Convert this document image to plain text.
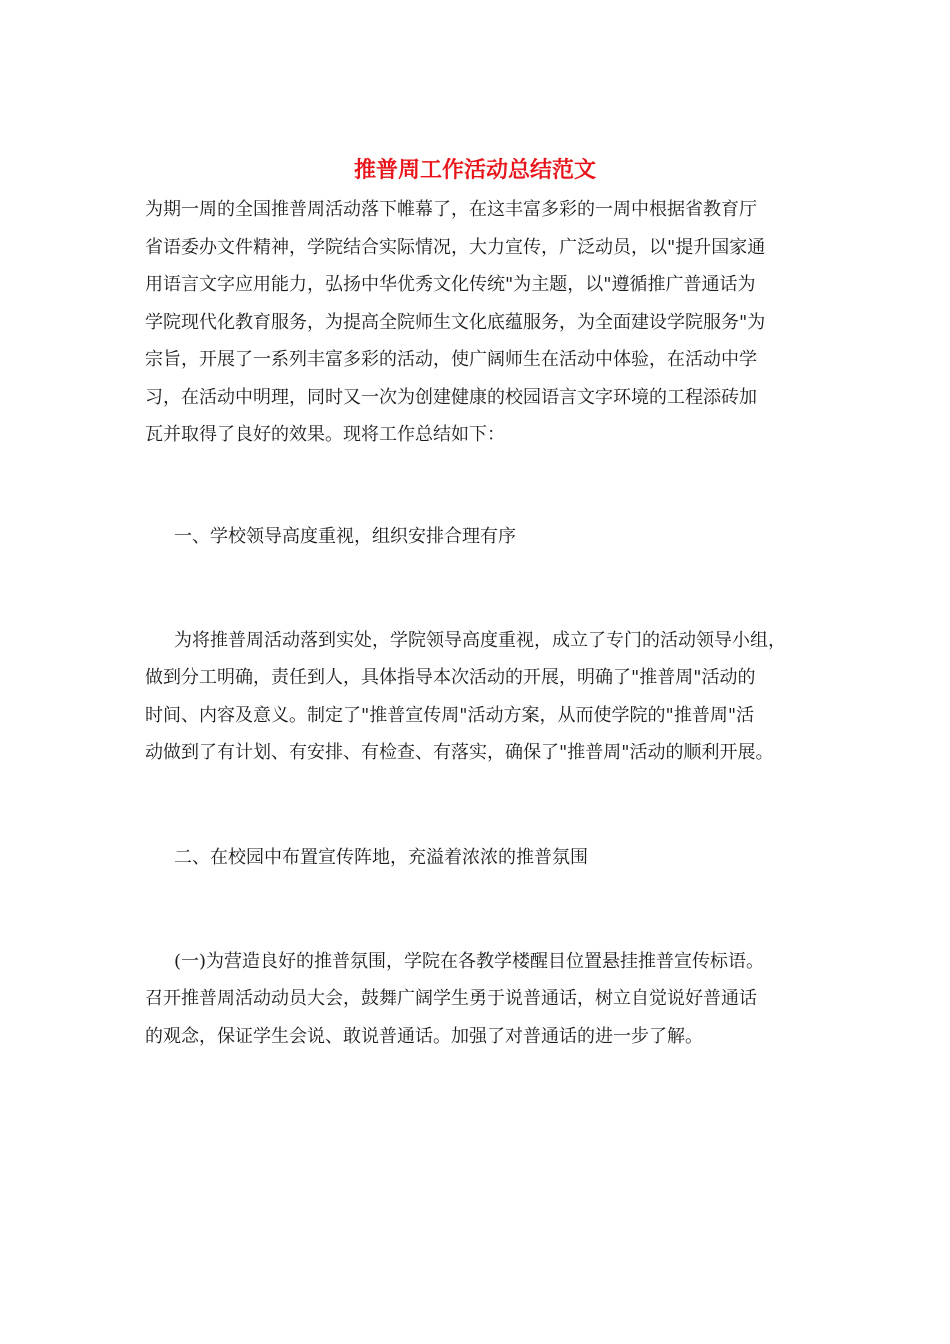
推普周工作活动总结范文

为期一周的全国推普周活动落下帷幕了，在这丰富多彩的一周中根据省教育厅

省语委办文件精神，学院结合实际情况，大力宣传，广泛动员，以"提升国家通

用语言文字应用能力，弘扬中华优秀文化传统"为主题，以"遵循推广普通话为

学院现代化教育服务，为提高全院师生文化底蕴服务，为全面建设学院服务"为

宗旨，开展了一系列丰富多彩的活动，使广阔师生在活动中体验，在活动中学

习，在活动中明理，同时又一次为创建健康的校园语言文字环境的工程添砖加

瓦并取得了良好的效果。现将工作总结如下：

一、学校领导高度重视，组织安排合理有序

为将推普周活动落到实处，学院领导高度重视，成立了专门的活动领导小组，

做到分工明确，责任到人，具体指导本次活动的开展，明确了"推普周"活动的

时间、内容及意义。制定了"推普宣传周"活动方案，从而使学院的"推普周"活

动做到了有计划、有安排、有检查、有落实，确保了"推普周"活动的顺利开展。

二、在校园中布置宣传阵地，充溢着浓浓的推普氛围

(一)为营造良好的推普氛围，学院在各教学楼醒目位置悬挂推普宣传标语。

召开推普周活动动员大会，鼓舞广阔学生勇于说普通话，树立自觉说好普通话

的观念，保证学生会说、敢说普通话。加强了对普通话的进一步了解。
